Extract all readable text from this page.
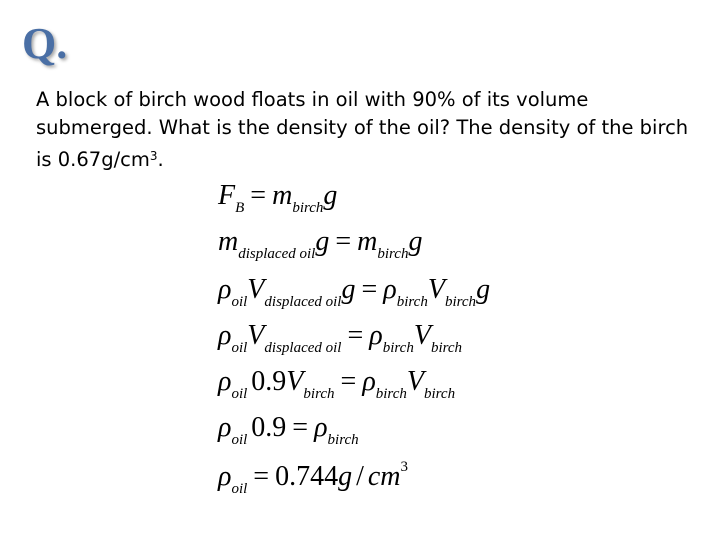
Q.
A block of birch wood floats in oil with 90% of its volume submerged. What is the density of the oil? The density of the birch is $0.67g/cm^3$.
$F_B = m_{birch}g$
$m_{displaced oil}g = m_{birch}g$
$\rho_{oil}V_{displaced oil}g = \rho_{birch}V_{birch}g$
$\rho_{oil}V_{displaced oil} = \rho_{birch}V_{birch}$
$\rho_{oil}$ $0.9V_{birch} = \rho_{birch}V_{birch}$
$\rho_{oil}$ $0.9 = \rho_{birch}$
$\rho_{oil} = 0.744g / cm^3$
